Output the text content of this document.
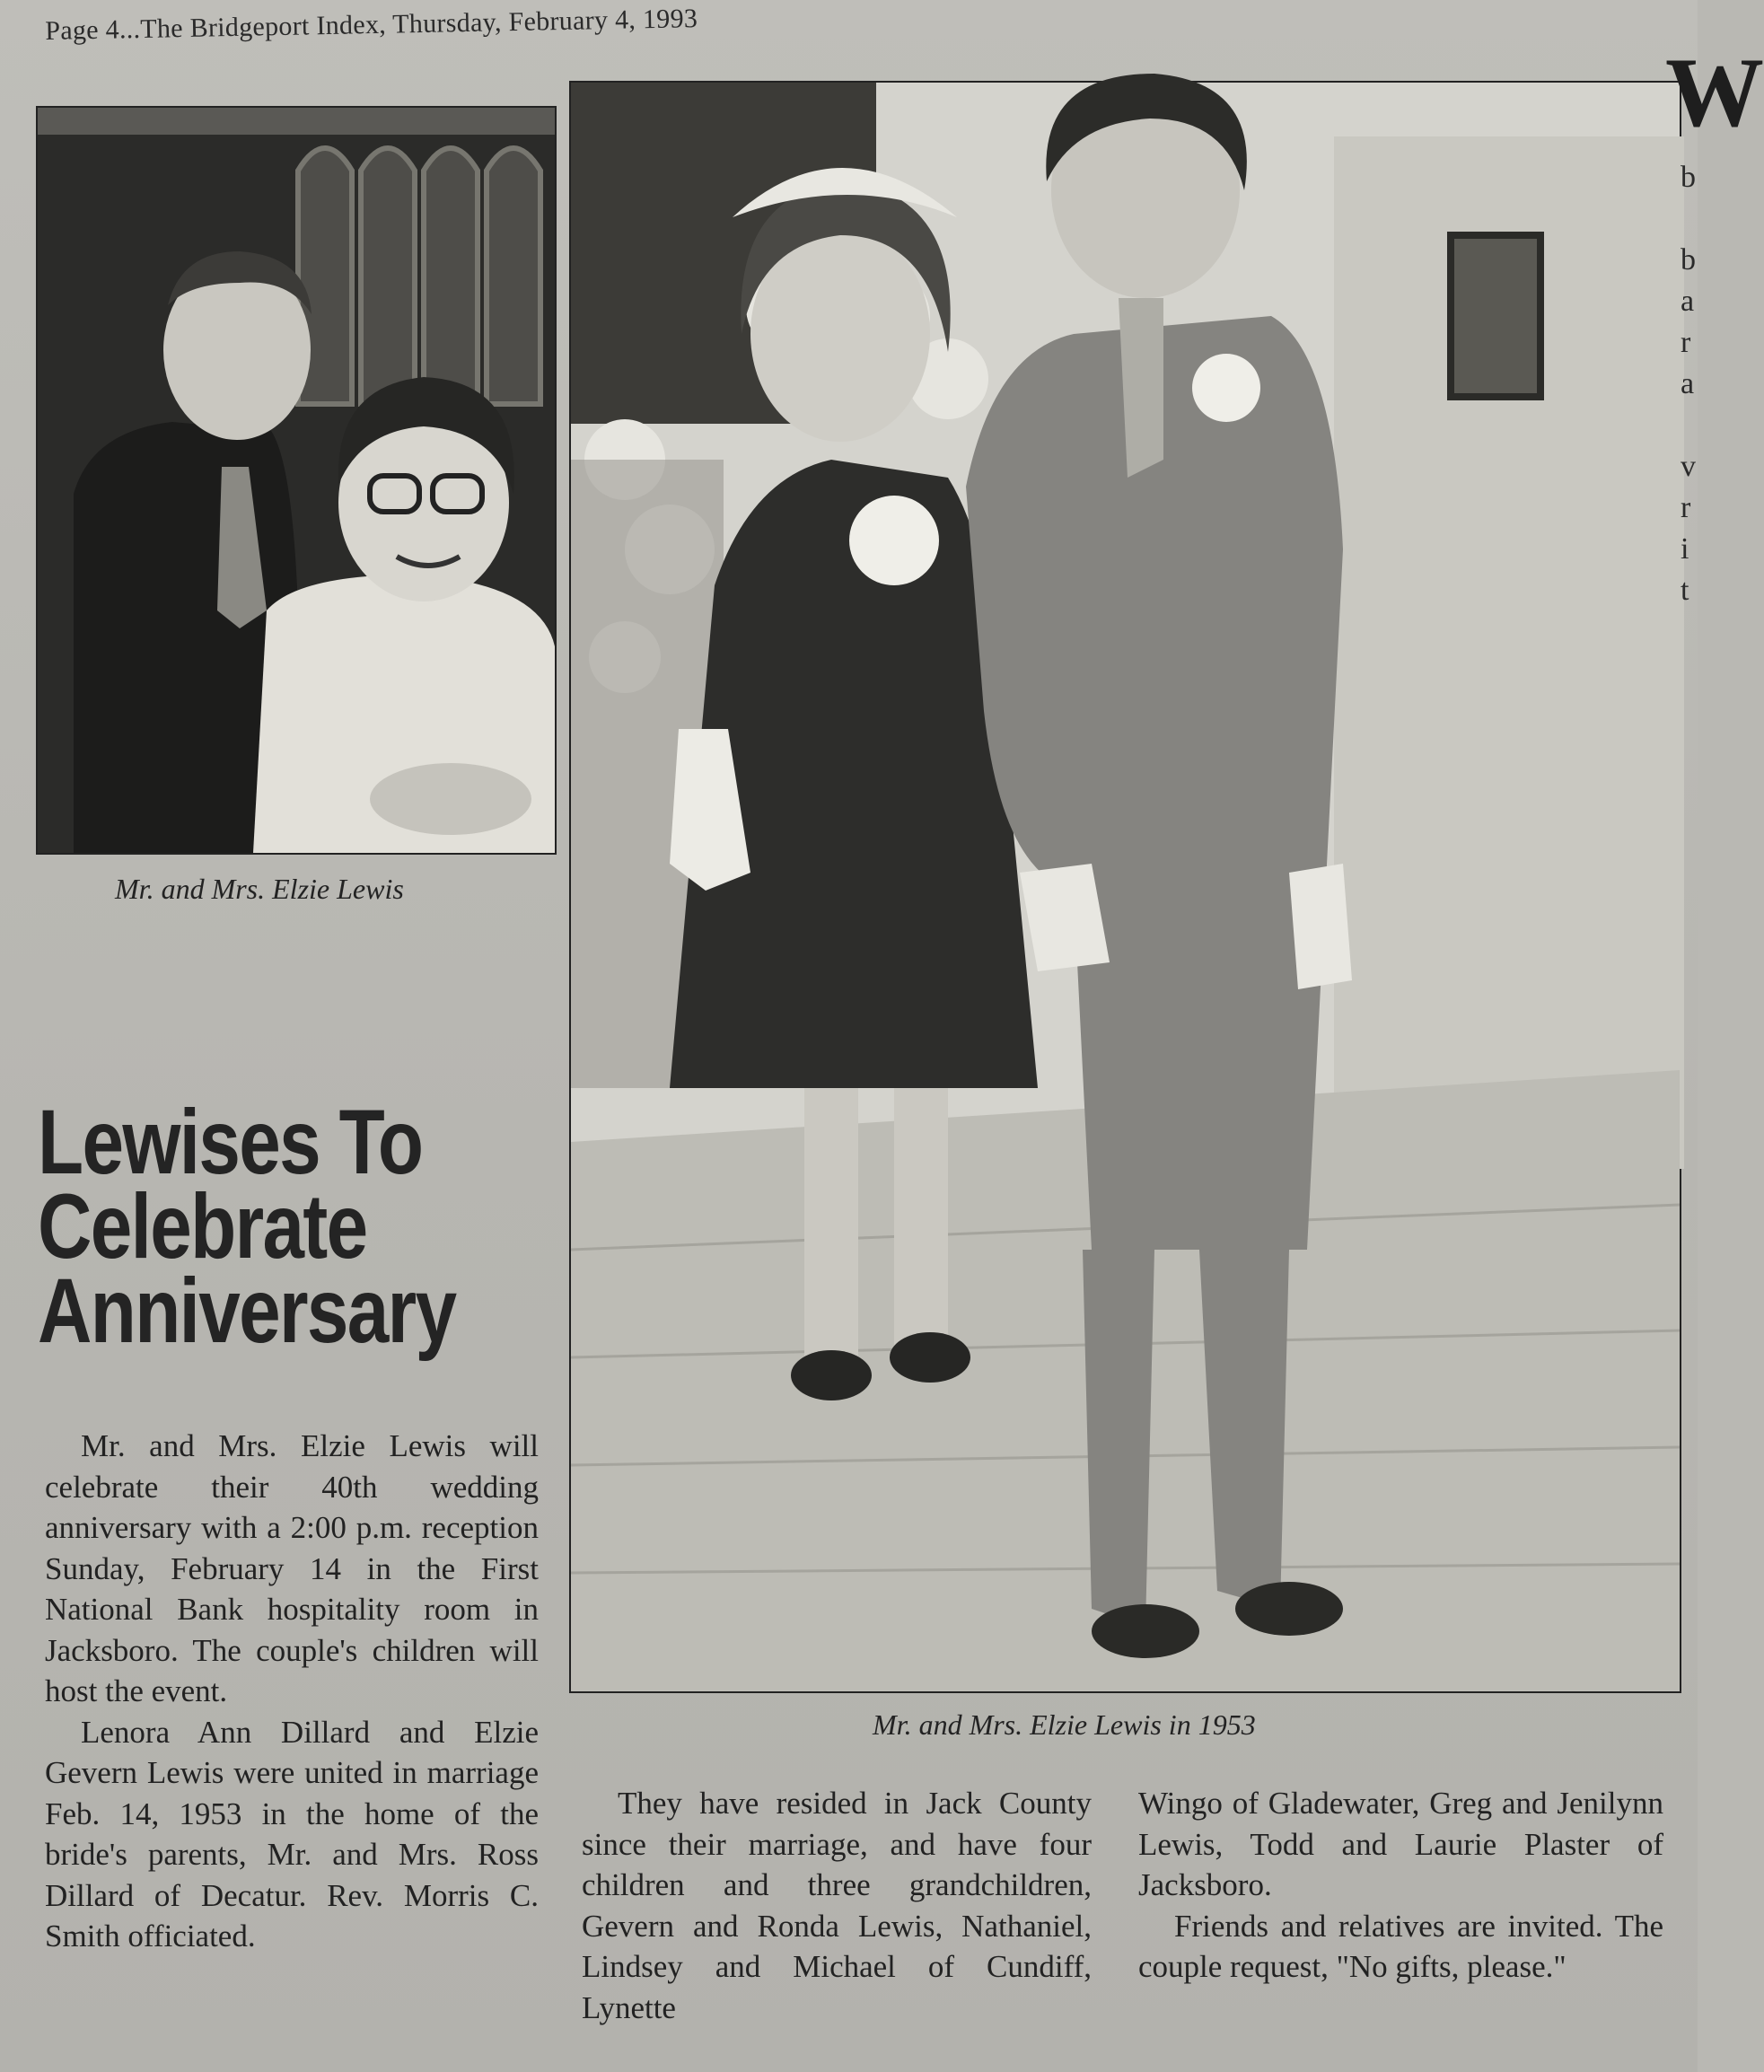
Page 4...The Bridgeport Index, Thursday, February 4, 1993
Mr. and Mrs. Elzie Lewis
Mr. and Mrs. Elzie Lewis in 1953
Lewises To
Celebrate
Anniversary

Mr. and Mrs. Elzie Lewis will celebrate their 40th wedding anniversary with a 2:00 p.m. reception Sunday, February 14 in the First National Bank hospitality room in Jacksboro. The couple's children will host the event.

Lenora Ann Dillard and Elzie Gevern Lewis were united in marriage Feb. 14, 1953 in the home of the bride's parents, Mr. and Mrs. Ross Dillard of Decatur. Rev. Morris C. Smith officiated.

They have resided in Jack County since their marriage, and have four children and three grandchildren, Gevern and Ronda Lewis, Nathaniel, Lindsey and Michael of Cundiff, Lynette

Wingo of Gladewater, Greg and Jenilynn Lewis, Todd and Laurie Plaster of Jacksboro.

Friends and relatives are invited. The couple request, "No gifts, please."

W
b

b
a
r
a

v
r
i
t
